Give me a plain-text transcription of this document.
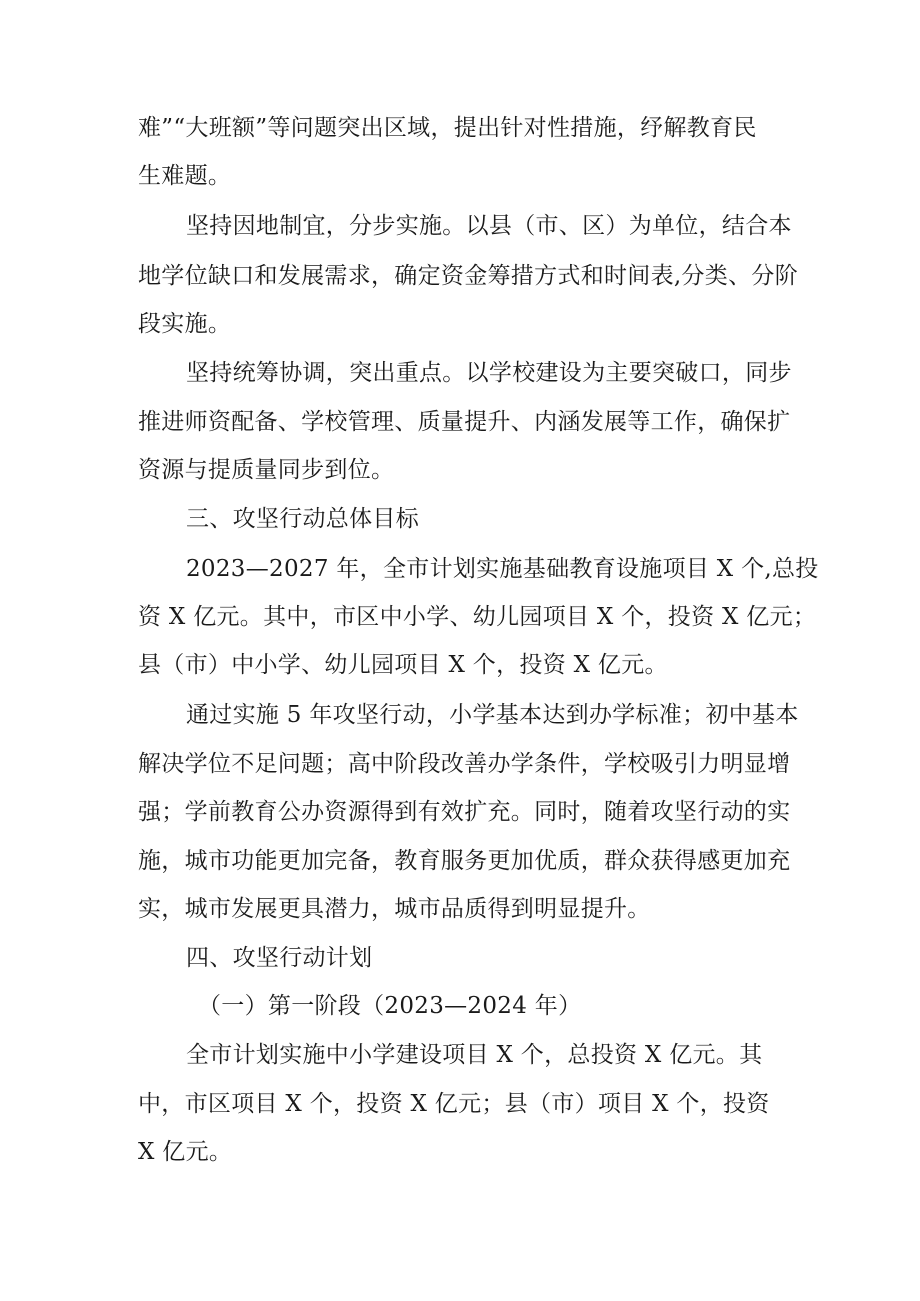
难”“大班额”等问题突出区域，提出针对性措施，纾解教育民
生难题。
坚持因地制宜，分步实施。以县（市、区）为单位，结合本
地学位缺口和发展需求，确定资金筹措方式和时间表,分类、分阶
段实施。
坚持统筹协调，突出重点。以学校建设为主要突破口，同步
推进师资配备、学校管理、质量提升、内涵发展等工作，确保扩
资源与提质量同步到位。
三、攻坚行动总体目标
2023—2027 年，全市计划实施基础教育设施项目 X 个,总投
资 X 亿元。其中，市区中小学、幼儿园项目 X 个，投资 X 亿元；
县（市）中小学、幼儿园项目 X 个，投资 X 亿元。
通过实施 5 年攻坚行动，小学基本达到办学标准；初中基本
解决学位不足问题；高中阶段改善办学条件，学校吸引力明显增
强；学前教育公办资源得到有效扩充。同时，随着攻坚行动的实
施，城市功能更加完备，教育服务更加优质，群众获得感更加充
实，城市发展更具潜力，城市品质得到明显提升。
四、攻坚行动计划
（一）第一阶段（2023—2024 年）
全市计划实施中小学建设项目 X 个，总投资 X 亿元。其
中，市区项目 X 个，投资 X 亿元；县（市）项目 X 个，投资
X 亿元。
